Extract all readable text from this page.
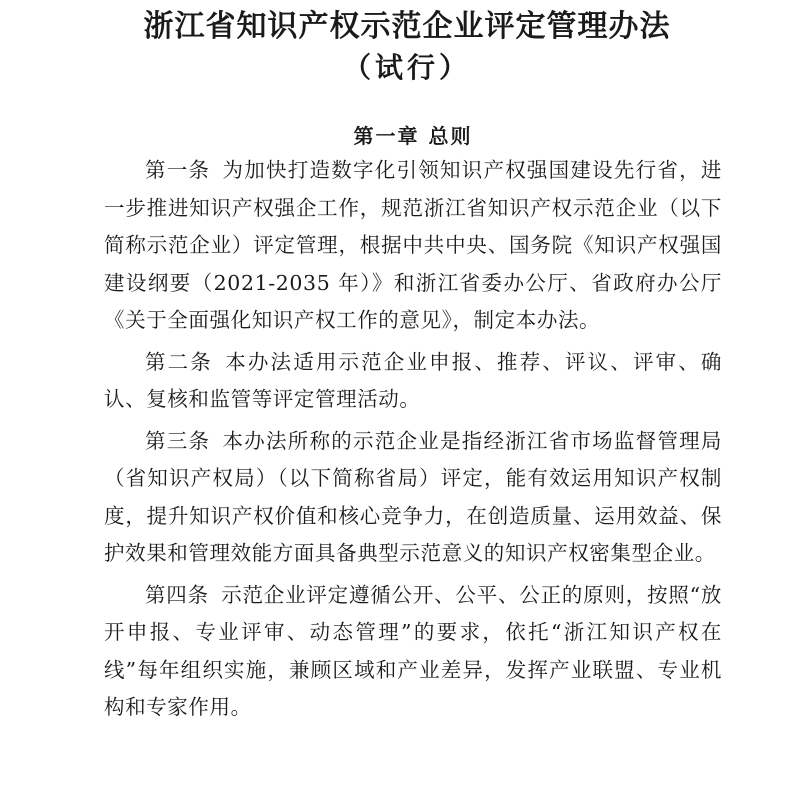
浙江省知识产权示范企业评定管理办法
（试行）
第一章 总则

第一条 为加快打造数字化引领知识产权强国建设先行省，进一步推进知识产权强企工作，规范浙江省知识产权示范企业（以下简称示范企业）评定管理，根据中共中央、国务院《知识产权强国建设纲要（2021-2035 年）》和浙江省委办公厅、省政府办公厅《关于全面强化知识产权工作的意见》，制定本办法。

第二条 本办法适用示范企业申报、推荐、评议、评审、确认、复核和监管等评定管理活动。

第三条 本办法所称的示范企业是指经浙江省市场监督管理局（省知识产权局）（以下简称省局）评定，能有效运用知识产权制度，提升知识产权价值和核心竞争力，在创造质量、运用效益、保护效果和管理效能方面具备典型示范意义的知识产权密集型企业。

第四条 示范企业评定遵循公开、公平、公正的原则，按照“放开申报、专业评审、动态管理”的要求，依托“浙江知识产权在线”每年组织实施，兼顾区域和产业差异，发挥产业联盟、专业机构和专家作用。
